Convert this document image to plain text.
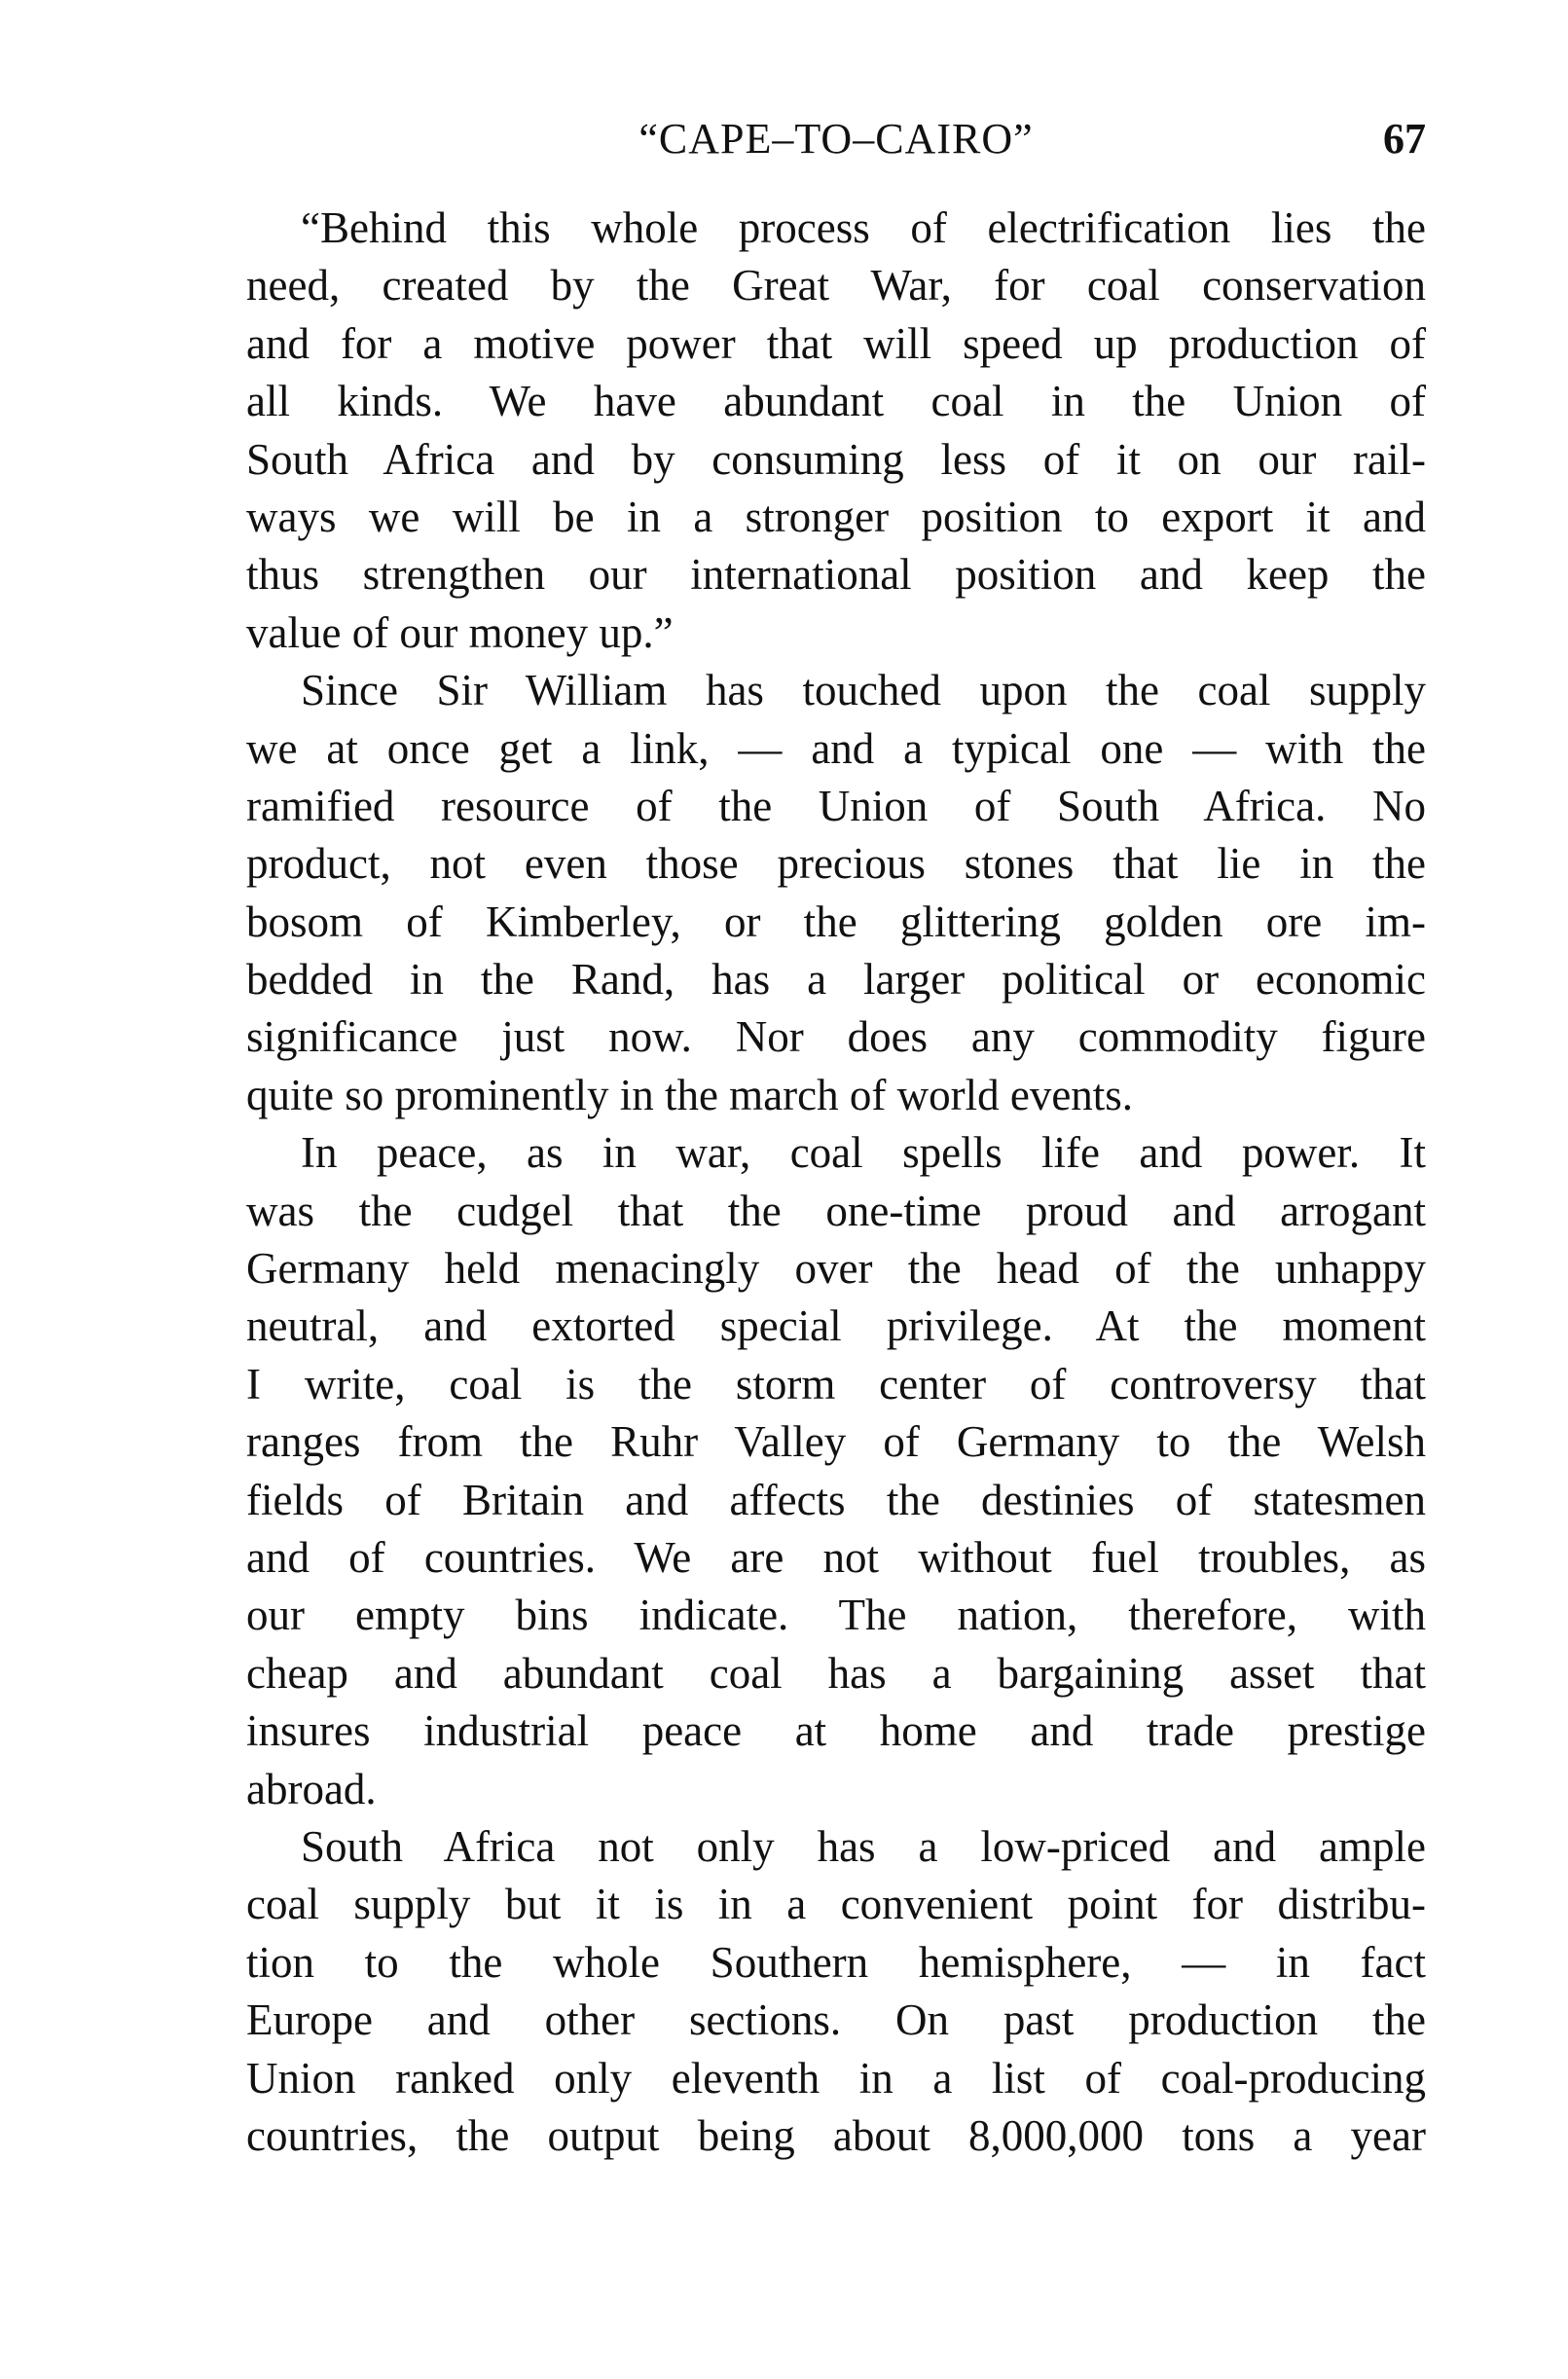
“CAPE–TO–CAIRO”	67
“Behind this whole process of electrification lies the
need, created by the Great War, for coal conservation
and for a motive power that will speed up production of
all kinds. We have abundant coal in the Union of
South Africa and by consuming less of it on our rail-
ways we will be in a stronger position to export it and
thus strengthen our international position and keep the
value of our money up.”
Since Sir William has touched upon the coal supply
we at once get a link, — and a typical one — with the
ramified resource of the Union of South Africa. No
product, not even those precious stones that lie in the
bosom of Kimberley, or the glittering golden ore im-
bedded in the Rand, has a larger political or economic
significance just now. Nor does any commodity figure
quite so prominently in the march of world events.
In peace, as in war, coal spells life and power. It
was the cudgel that the one-time proud and arrogant
Germany held menacingly over the head of the unhappy
neutral, and extorted special privilege. At the moment
I write, coal is the storm center of controversy that
ranges from the Ruhr Valley of Germany to the Welsh
fields of Britain and affects the destinies of statesmen
and of countries. We are not without fuel troubles, as
our empty bins indicate. The nation, therefore, with
cheap and abundant coal has a bargaining asset that
insures industrial peace at home and trade prestige
abroad.
South Africa not only has a low-priced and ample
coal supply but it is in a convenient point for distribu-
tion to the whole Southern hemisphere, — in fact
Europe and other sections. On past production the
Union ranked only eleventh in a list of coal-producing
countries, the output being about 8,000,000 tons a year
